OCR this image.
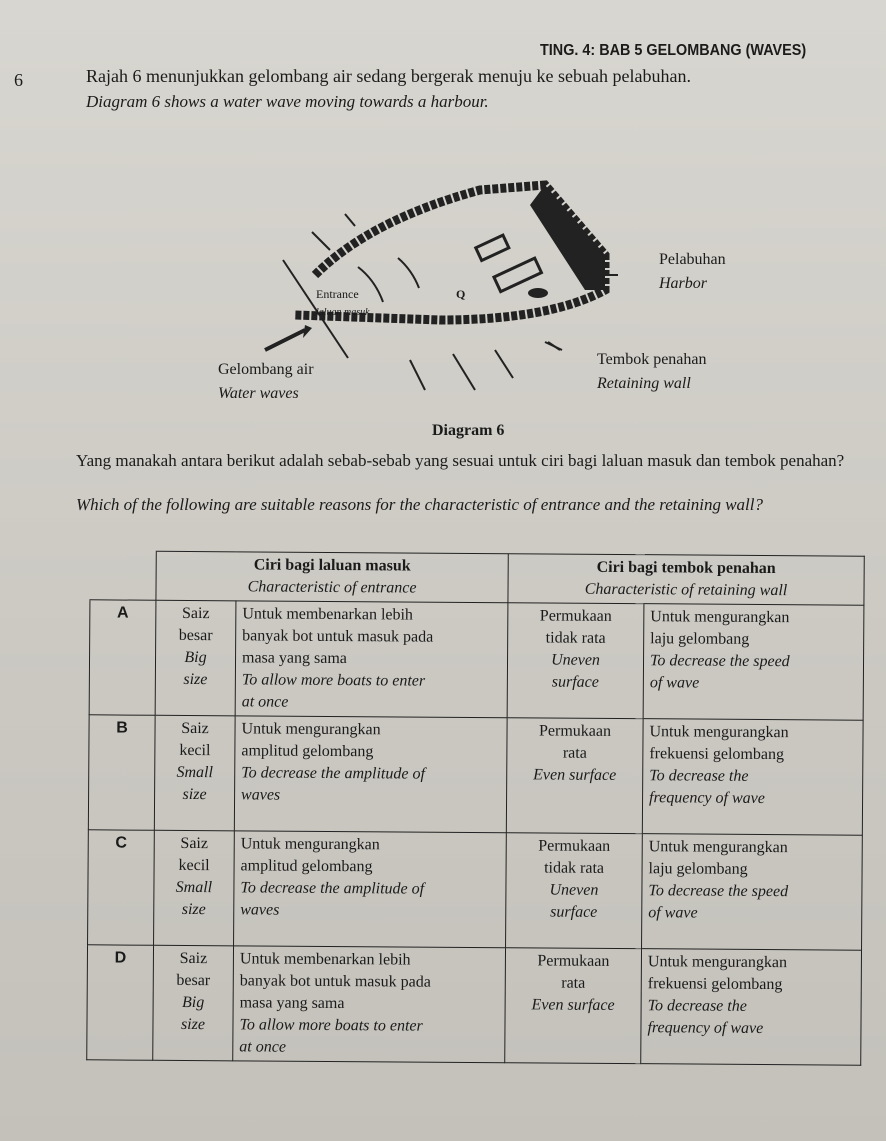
TING. 4: BAB 5 GELOMBANG (WAVES)
6	Rajah 6 menunjukkan gelombang air sedang bergerak menuju ke sebuah pelabuhan.
Diagram 6 shows a water wave moving towards a harbour.
Pelabuhan
Harbor
Entrance
laluan masuk
Q
Gelombang air
Water waves
Tembok penahan
Retaining wall
Diagram 6
Yang manakah antara berikut adalah sebab-sebab yang sesuai untuk ciri bagi laluan masuk dan tembok penahan?
Which of the following are suitable reasons for the characteristic of entrance and the retaining wall?

	Ciri bagi laluan masuk
Characteristic of entrance		Ciri bagi tembok penahan
Characteristic of retaining wall	

A	Saiz
besar
Big
size	Untuk membenarkan lebih
banyak bot untuk masuk pada
masa yang sama
To allow more boats to enter
at once	Permukaan
tidak rata
Uneven
surface	Untuk mengurangkan
laju gelombang
To decrease the speed
of wave

B	Saiz
kecil
Small
size	Untuk mengurangkan
amplitud gelombang
To decrease the amplitude of
waves	Permukaan
rata
Even surface	Untuk mengurangkan
frekuensi gelombang
To decrease the
frequency of wave

C	Saiz
kecil
Small
size	Untuk mengurangkan
amplitud gelombang
To decrease the amplitude of
waves	Permukaan
tidak rata
Uneven
surface	Untuk mengurangkan
laju gelombang
To decrease the speed
of wave

D	Saiz
besar
Big
size	Untuk membenarkan lebih
banyak bot untuk masuk pada
masa yang sama
To allow more boats to enter
at once	Permukaan
rata
Even surface	Untuk mengurangkan
frekuensi gelombang
To decrease the
frequency of wave
